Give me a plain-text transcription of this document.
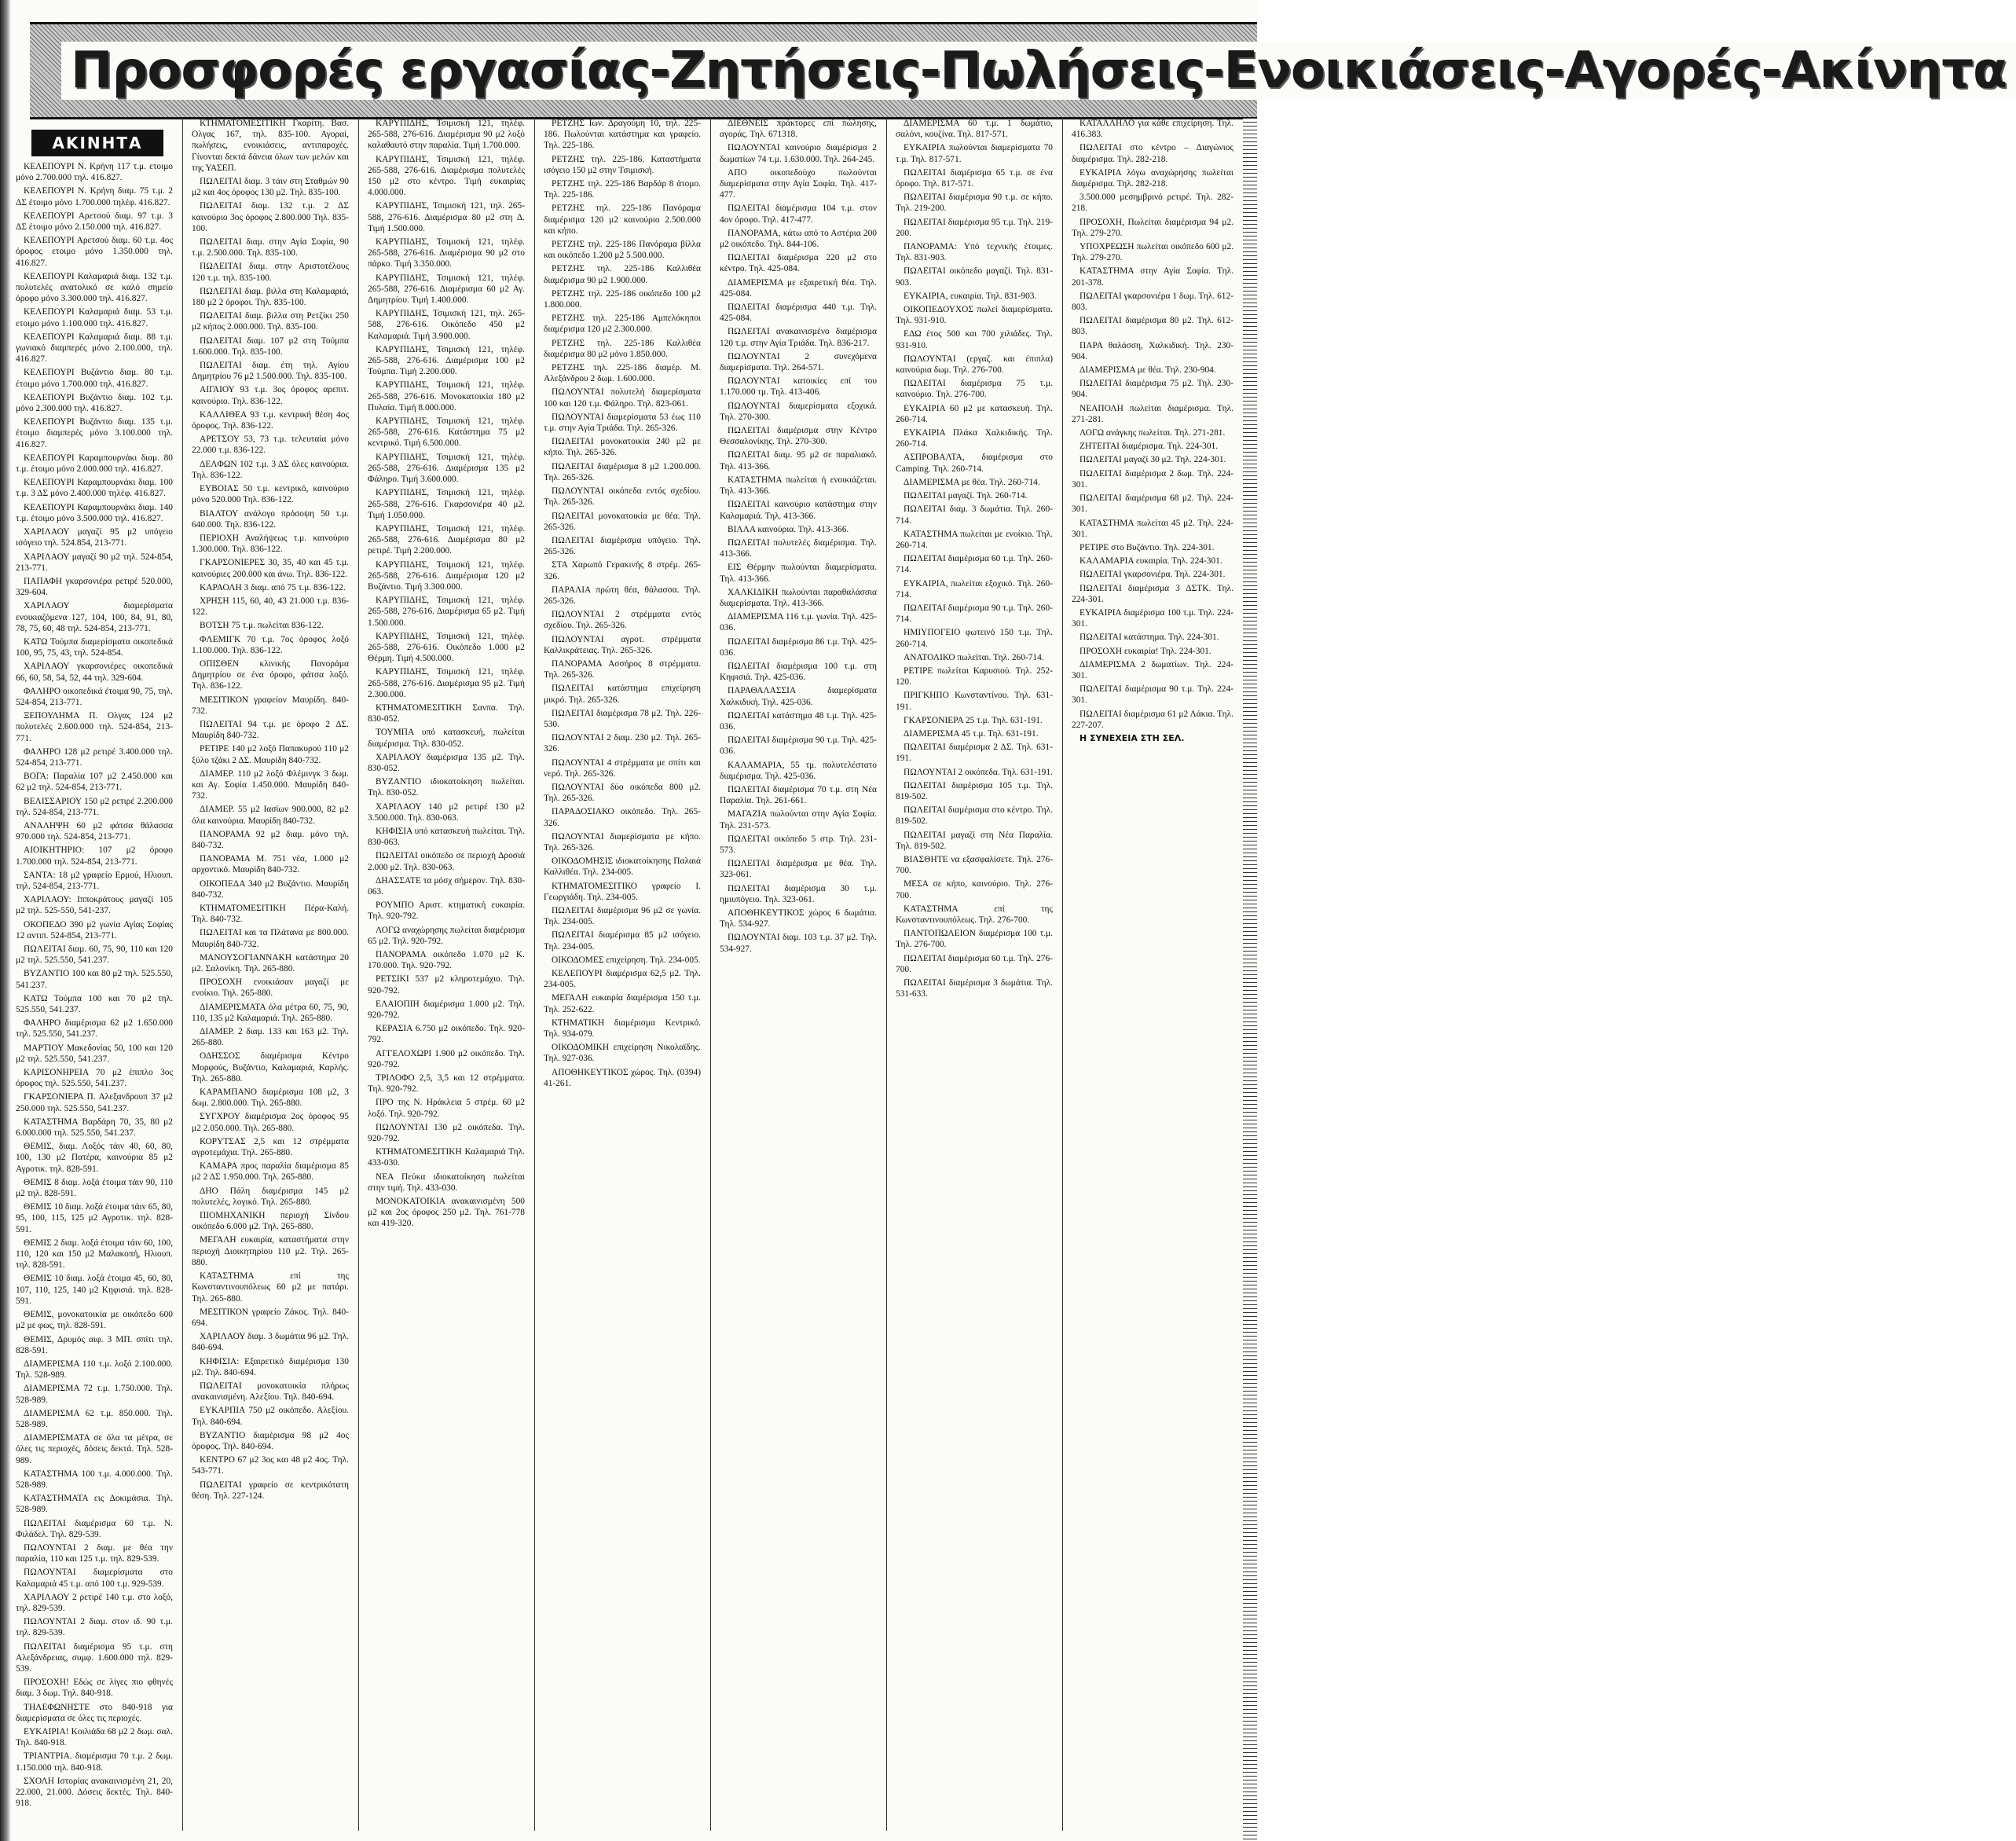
Προσφορές εργασίας-Ζητήσεις-Πωλήσεις-Ενοικιάσεις-Αγορές-Ακίνητα
ΑΚΙΝΗΤΑ

ΚΕΛΕΠΟΥΡΙ Ν. Κρήνη 117 τ.μ. ετοιμο μόνο 2.700.000 τηλ. 416.827.

ΚΕΛΕΠΟΥΡΙ Ν. Κρήνη διαμ. 75 τ.μ. 2 ΔΣ έτοιμο μόνο 1.700.000 τηλέφ. 416.827.

ΚΕΛΕΠΟΥΡΙ Αρετσού διαμ. 97 τ.μ. 3 ΔΣ έτοιμο μόνο 2.150.000 τηλ. 416.827.

ΚΕΛΕΠΟΥΡΙ Αρετσού διαμ. 60 τ.μ. 4ος όροφος ετοιμο μόνο 1.350.000 τηλ. 416.827.

ΚΕΛΕΠΟΥΡΙ Καλαμαριά διαμ. 132 τ.μ. πολυτελές ανατολικό σε καλό σημείο όροφο μόνο 3.300.000 τηλ. 416.827.

ΚΕΛΕΠΟΥΡΙ Καλαμαριά διαμ. 53 τ.μ. ετοιμο μόνο 1.100.000 τηλ. 416.827.

ΚΕΛΕΠΟΥΡΙ Καλαμαριά διαμ. 88 τ.μ. γωνιακό διαμπερές μόνο 2.100.000, τηλ. 416.827.

ΚΕΛΕΠΟΥΡΙ Βυζάντιο διαμ. 80 τ.μ. έτοιμο μόνο 1.700.000 τηλ. 416.827.

ΚΕΛΕΠΟΥΡΙ Βυζάντιο διαμ. 102 τ.μ. μόνο 2.300.000 τηλ. 416.827.

ΚΕΛΕΠΟΥΡΙ Βυζάντιο διαμ. 135 τ.μ. έτοιμο διαμπερές μόνο 3.100.000 τηλ. 416.827.

ΚΕΛΕΠΟΥΡΙ Καραμπουρνάκι διαμ. 80 τ.μ. έτοιμο μόνο 2.000.000 τηλ. 416.827.

ΚΕΛΕΠΟΥΡΙ Καραμπουρνάκι διαμ. 100 τ.μ. 3 ΔΣ μόνο 2.400.000 τηλέφ. 416.827.

ΚΕΛΕΠΟΥΡΙ Καραμπουρνάκι διαμ. 140 τ.μ. έτοιμο μόνο 3.500.000 τηλ. 416.827.

ΧΑΡΙΛΑΟΥ μαγαζί 95 μ2 υπόγειο ισόγειο τηλ. 524.854, 213-771.

ΧΑΡΙΛΑΟΥ μαγαζί 90 μ2 τηλ. 524-854, 213-771.

ΠΑΠΑΦΗ γκαρσονιέρα ρετιρέ 520.000, 329-604.

ΧΑΡΙΛΑΟΥ διαμερίσματα ενοικιαζόμενα 127, 104, 100, 84, 91, 80, 78, 75, 60, 48 τηλ. 524-854, 213-771.

ΚΑΤΩ Τούμπα διαμερίσματα οικοπεδικά 100, 95, 75, 43, τηλ. 524-854.

ΧΑΡΙΛΑΟΥ γκαρσονιέρες οικοπεδικά 66, 60, 58, 54, 52, 44 τηλ. 329-604.

ΦΑΛΗΡΟ οικοπεδικά έτοιμα 90, 75, τηλ. 524-854, 213-771.

ΞΕΠΟΥΛΗΜΑ Π. Ολγας 124 μ2 πολυτελές 2.600.000 τηλ. 524-854, 213-771.

ΦΑΛΗΡΟ 128 μ2 ρετιρέ 3.400.000 τηλ. 524-854, 213-771.

ΒΟΓΑ: Παραλία 107 μ2 2.450.000 και 62 μ2 τηλ. 524-854, 213-771.

ΒΕΛΙΣΣΑΡΙΟΥ 150 μ2 ρετιρέ 2.200.000 τηλ. 524-854, 213-771.

ΑΝΑΛΗΨΗ 60 μ2 φάτσα θάλασσα 970.000 τηλ. 524-854, 213-771.

ΑΙΟΙΚΗΤΗΡΙΟ: 107 μ2 όροφο 1.700.000 τηλ. 524-854, 213-771.

ΣΑΝΤΑ: 18 μ2 γραφείο Ερμού, Ηλιουπ. τηλ. 524-854, 213-771.

ΧΑΡΙΛΑΟΥ: Ιπποκράτους μαγαζί 105 μ2 τηλ. 525-550, 541-237.

ΟΚΟΠΕΔΟ 390 μ2 γωνία Αγίας Σοφίας 12 αντιπ. 524-854, 213-771.

ΠΩΛΕΙΤΑΙ διαμ. 60, 75, 90, 110 και 120 μ2 τηλ. 525.550, 541.237.

ΒΥΖΑΝΤΙΟ 100 και 80 μ2 τηλ. 525.550, 541.237.

ΚΑΤΩ Τούμπα 100 και 70 μ2 τηλ. 525.550, 541.237.

ΦΑΛΗΡΟ διαμέρισμα 62 μ2 1.650.000 τηλ. 525.550, 541.237.

ΜΑΡΤΙΟΥ Μακεδονίας 50, 100 και 120 μ2 τηλ. 525.550, 541.237.

ΚΑΡΙΣΟΝΗΡΕΙΑ 70 μ2 έπιπλο 3ος όροφος τηλ. 525.550, 541.237.

ΓΚΑΡΣΟΝΙΕΡΑ Π. Αλεξανδρουπ 37 μ2 250.000 τηλ. 525.550, 541.237.

ΚΑΤΑΣΤΗΜΑ Βαρδάρη 70, 35, 80 μ2 6.000.000 τηλ. 525.550, 541.237.

ΘΕΜΙΣ, διαμ. Λοξός τάιν 40, 60, 80, 100, 130 μ2 Πατέρα, καινούρια 85 μ2 Αγροτικ. τηλ. 828-591.

ΘΕΜΙΣ 8 διαμ. λοξά έτοιμα τάιν 90, 110 μ2 τηλ. 828-591.

ΘΕΜΙΣ 10 διαμ. λοξά έτοιμα τάιν 65, 80, 95, 100, 115, 125 μ2 Αγροτικ. τηλ. 828-591.

ΘΕΜΙΣ 2 διαμ. λοξά έτοιμα τάιν 60, 100, 110, 120 και 150 μ2 Μαλακοπή, Ηλιουπ. τηλ. 828-591.

ΘΕΜΙΣ 10 διαμ. λοξά έτοιμα 45, 60, 80, 107, 110, 125, 140 μ2 Κηφισιά. τηλ. 828-591.

ΘΕΜΙΣ, μονοκατοικία με οικόπεδο 600 μ2 με φως, τηλ. 828-591.

ΘΕΜΙΣ, Δρυμός αιφ. 3 ΜΠ. σπίτι τηλ. 828-591.

ΔΙΑΜΕΡΙΣΜΑ 110 τ.μ. λοξό 2.100.000. Τηλ. 528-989.

ΔΙΑΜΕΡΙΣΜΑ 72 τ.μ. 1.750.000. Τηλ. 528-989.

ΔΙΑΜΕΡΙΣΜΑ 62 τ.μ. 850.000. Τηλ. 528-989.

ΔΙΑΜΕΡΙΣΜΑΤΑ σε όλα τα μέτρα, σε όλες τις περιοχές, δόσεις δεκτά. Τηλ. 528-989.

ΚΑΤΑΣΤΗΜΑ 100 τ.μ. 4.000.000. Τηλ. 528-989.

ΚΑΤΑΣΤΗΜΑΤΑ εις Δοκιμάσια. Τηλ. 528-989.

ΠΩΛΕΙΤΑΙ διαμέρισμα 60 τ.μ. Ν. Φιλάδελ. Τηλ. 829-539.

ΠΩΛΟΥΝΤΑΙ 2 διαμ. με θέα την παραλία, 110 και 125 τ.μ. τηλ. 829-539.

ΠΩΛΟΥΝΤΑΙ διαμερίσματα στο Καλαμαριά 45 τ.μ. από 100 τ.μ. 929-539.

ΧΑΡΙΛΑΟΥ 2 ρετιρέ 140 τ.μ. στο λοξό, τηλ. 829-539.

ΠΩΛΟΥΝΤΑΙ 2 διαμ. στον ιδ. 90 τ.μ. τηλ. 829-539.

ΠΩΛΕΙΤΑΙ διαμέρισμα 95 τ.μ. στη Αλεξάνδρειας, συμφ. 1.600.000 τηλ. 829-539.

ΠΡΟΣΟΧΗ! Εδώς σε λίγες πιο φθηνές διαμ. 3 δωμ. Τηλ. 840-918.

ΤΗΛΕΦΩΝΗΣΤΕ στο 840-918 για διαμερίσματα σε όλες τις περιοχές.

ΕΥΚΑΙΡΙΑ! Κοιλιάδα 68 μ2 2 δωμ. σαλ. Τηλ. 840-918.

ΤΡΙΑΝΤΡΙΑ. διαμέρισμα 70 τ.μ. 2 δωμ. 1.150.000 τηλ. 840-918.

ΣΧΟΛΗ Ιστορίας ανακαινισμένη 21, 20, 22.000, 21.000. Δόσεις δεκτές. Τηλ. 840-918.

ΚΤΗΜΑΤΟΜΕΣΙΤΙΚΗ Γκαρίτη. Βασ. Ολγας 167, τηλ. 835-100. Αγοραί, πωλήσεις, ενοικιάσεις, αντιπαροχές. Γίνονται δεκτά δάνεια όλων των μελών και της ΥΑΣΕΠ.

ΠΩΛΕΙΤΑΙ διαμ. 3 τάιν στη Σταθμών 90 μ2 και 4ος όροφος 130 μ2. Τηλ. 835-100.

ΠΩΛΕΙΤΑΙ διαμ. 132 τ.μ. 2 ΔΣ καινούριο 3ος όροφος 2.800.000 Τηλ. 835-100.

ΠΩΛΕΙΤΑΙ διαμ. στην Αγία Σοφία, 90 τ.μ. 2.500.000. Τηλ. 835-100.

ΠΩΛΕΙΤΑΙ διαμ. στην Αριστοτέλους 120 τ.μ. τηλ. 835-100.

ΠΩΛΕΙΤΑΙ διαμ. βιλλα στη Καλαμαριά, 180 μ2 2 όροφοι. Τηλ. 835-100.

ΠΩΛΕΙΤΑΙ διαμ. βιλλα στη Ρετζίκι 250 μ2 κήπος 2.000.000. Τηλ. 835-100.

ΠΩΛΕΙΤΑΙ διαμ. 107 μ2 στη Τούμπα 1.600.000. Τηλ. 835-100.

ΠΩΛΕΙΤΑΙ διαμ. έτη τηλ. Αγίου Δημητρίου 76 μ2 1.500.000. Τηλ. 835-100.

ΑΙΓΑΙΟΥ 93 τ.μ. 3ος όροφος αρεπιτ. καινούριο. Τηλ. 836-122.

ΚΑΛΛΙΘΕΑ 93 τ.μ. κεντρική θέση 4ος όροφος. Τηλ. 836-122.

ΑΡΕΤΣΟΥ 53, 73 τ.μ. τελευταία μόνο 22.000 τ.μ. 836-122.

ΔΕΛΦΩΝ 102 τ.μ. 3 ΔΣ όλες καινούρια. Τηλ. 836-122.

ΕΥΒΟΙΑΣ 50 τ.μ. κεντρικό, καινούριο μόνο 520.000 Τηλ. 836-122.

ΒΙΑΛΤΟΥ ανάλογο πρόσοψη 50 τ.μ. 640.000. Τηλ. 836-122.

ΠΕΡΙΟΧΗ Αναλήψεως τ.μ. καινούριο 1.300.000. Τηλ. 836-122.

ΓΚΑΡΣΟΝΙΕΡΕΣ 30, 35, 40 και 45 τ.μ. καινούριες 200.000 και άνω. Τηλ. 836-122.

ΚΑΡΑΟΛΗ 3 διαμ. από 75 τ.μ. 836-122.

ΧΡΗΣΗ 115, 60, 40, 43 21.000 τ.μ. 836-122.

ΒΟΤΣΗ 75 τ.μ. πωλείται 836-122.

ΦΛΕΜΙΓΚ 70 τ.μ. 7ος όροφος λοξό 1.100.000. Τηλ. 836-122.

ΟΠΙΣΘΕΝ κλινικής Πανοράμα Δημητρίου σε ένα όροφο, φάτσα λοξό. Τηλ. 836-122.

ΜΕΣΙΤΙΚΟΝ γραφείον Μαυρίδη. 840-732.

ΠΩΛΕΙΤΑΙ 94 τ.μ. με όροφο 2 ΔΣ. Μαυρίδη 840-732.

ΡΕΤΙΡΕ 140 μ2 λοξό Παπακυρού 110 μ2 ξύλο τζάκι 2 ΔΣ. Μαυρίδη 840-732.

ΔΙΑΜΕΡ. 110 μ2 λοξό Φλέμινγκ 3 δωμ. και Αγ. Σοφία 1.450.000. Μαυρίδη 840-732.

ΔΙΑΜΕΡ. 55 μ2 Ιασίων 900.000, 82 μ2 όλα καινούρια. Μαυρίδη 840-732.

ΠΑΝΟΡΑΜΑ 92 μ2 διαμ. μόνο τηλ. 840-732.

ΠΑΝΟΡΑΜΑ Μ. 751 νέα, 1.000 μ2 αρχοντικό. Μαυρίδη 840-732.

ΟΙΚΟΠΕΔΑ 340 μ2 Βυζάντιο. Μαυρίδη 840-732.

ΚΤΗΜΑΤΟΜΕΣΙΤΙΚΗ Πέρα-Καλή. Τηλ. 840-732.

ΠΩΛΕΙΤΑΙ και τα Πλάτανα με 800.000. Μαυρίδη 840-732.

ΜΑΝΟΥΣΟΓΙΑΝΝΑΚΗ κατάστημα 20 μ2. Σαλονίκη. Τηλ. 265-880.

ΠΡΟΣΟΧΗ ενοικιάσαν μαγαζί με ενοίκιο. Τηλ. 265-880.

ΔΙΑΜΕΡΙΣΜΑΤΑ όλα μέτρα 60, 75, 90, 110, 135 μ2 Καλαμαριά. Τηλ. 265-880.

ΔΙΑΜΕΡ. 2 διαμ. 133 και 163 μ2. Τηλ. 265-880.

ΟΔΗΣΣΟΣ διαμέρισμα Κέντρο Μορφούς, Βυζάντιο, Καλαμαριά, Καρλής. Τηλ. 265-880.

ΚΑΡΑΜΠΑΝΟ διαμέρισμα 108 μ2, 3 δωμ. 2.800.000. Τηλ. 265-880.

ΣΥΓΧΡΟΥ διαμέρισμα 2ος όροφος 95 μ2 2.050.000. Τηλ. 265-880.

ΚΟΡΥΤΣΑΣ 2,5 και 12 στρέμματα αγροτεμάχια. Τηλ. 265-880.

ΚΑΜΑΡΑ προς παραλία διαμέρισμα 85 μ2 2 ΔΣ 1.950.000. Τηλ. 265-880.

ΔΗΟ Πάλη διαμέρισμα 145 μ2 πολυτελές, λογικό. Τηλ. 265-880.

ΠΙΟΜΗΧΑΝΙΚΗ περιοχή Σίνδου οικόπεδο 6.000 μ2. Τηλ. 265-880.

ΜΕΓΑΛΗ ευκαιρία, καταστήματα στην περιοχή Διοικητηρίου 110 μ2. Τηλ. 265-880.

ΚΑΤΑΣΤΗΜΑ επί της Κωνσταντινουπόλεως 60 μ2 με πατάρι. Τηλ. 265-880.

ΜΕΣΙΤΙΚΟΝ γραφείο Ζάκος. Τηλ. 840-694.

ΧΑΡΙΛΑΟΥ διαμ. 3 δωμάτια 96 μ2. Τηλ. 840-694.

ΚΗΦΙΣΙΑ: Εξαιρετικό διαμέρισμα 130 μ2. Τηλ. 840-694.

ΠΩΛΕΙΤΑΙ μονοκατοικία πλήρως ανακαινισμένη. Αλεξίου. Τηλ. 840-694.

ΕΥΚΑΡΠΙΑ 750 μ2 οικόπεδο. Αλεξίου. Τηλ. 840-694.

ΒΥΖΑΝΤΙΟ διαμέρισμα 98 μ2 4ος όροφος. Τηλ. 840-694.

ΚΕΝΤΡΟ 67 μ2 3ος και 48 μ2 4ος. Τηλ. 543-771.

ΠΩΛΕΙΤΑΙ γραφείο σε κεντρικότατη θέση. Τηλ. 227-124.

ΚΑΡΥΠΙΔΗΣ, Τσιμισκή 121, τηλέφ. 265-588, 276-616. Διαμέρισμα 90 μ2 λοξό καλαθαυτό στην παραλία. Τιμή 1.700.000.

ΚΑΡΥΠΙΔΗΣ, Τσιμισκή 121, τηλέφ. 265-588, 276-616. Διαμέρισμα πολυτελές 150 μ2 στο κέντρο. Τιμή ευκαιρίας 4.000.000.

ΚΑΡΥΠΙΔΗΣ, Τσιμισκή 121, τηλ. 265-588, 276-616. Διαμέρισμα 80 μ2 στη Δ. Τιμή 1.500.000.

ΚΑΡΥΠΙΔΗΣ, Τσιμισκή 121, τηλέφ. 265-588, 276-616. Διαμέρισμα 90 μ2 στο πάρκο. Τιμή 3.350.000.

ΚΑΡΥΠΙΔΗΣ, Τσιμισκή 121, τηλέφ. 265-588, 276-616. Διαμέρισμα 60 μ2 Αγ. Δημητρίου. Τιμή 1.400.000.

ΚΑΡΥΠΙΔΗΣ, Τσιμισκή 121, τηλ. 265-588, 276-616. Οικόπεδο 450 μ2 Καλαμαριά. Τιμή 3.900.000.

ΚΑΡΥΠΙΔΗΣ, Τσιμισκή 121, τηλέφ. 265-588, 276-616. Διαμέρισμα 100 μ2 Τούμπα. Τιμή 2.200.000.

ΚΑΡΥΠΙΔΗΣ, Τσιμισκή 121, τηλέφ. 265-588, 276-616. Μονοκατοικία 180 μ2 Πυλαία. Τιμή 8.000.000.

ΚΑΡΥΠΙΔΗΣ, Τσιμισκή 121, τηλέφ. 265-588, 276-616. Κατάστημα 75 μ2 κεντρικό. Τιμή 6.500.000.

ΚΑΡΥΠΙΔΗΣ, Τσιμισκή 121, τηλέφ. 265-588, 276-616. Διαμέρισμα 135 μ2 Φάληρο. Τιμή 3.600.000.

ΚΑΡΥΠΙΔΗΣ, Τσιμισκή 121, τηλέφ. 265-588, 276-616. Γκαρσονιέρα 40 μ2. Τιμή 1.050.000.

ΚΑΡΥΠΙΔΗΣ, Τσιμισκή 121, τηλέφ. 265-588, 276-616. Διαμέρισμα 80 μ2 ρετιρέ. Τιμή 2.200.000.

ΚΑΡΥΠΙΔΗΣ, Τσιμισκή 121, τηλέφ. 265-588, 276-616. Διαμέρισμα 120 μ2 Βυζάντιο. Τιμή 3.300.000.

ΚΑΡΥΠΙΔΗΣ, Τσιμισκή 121, τηλέφ. 265-588, 276-616. Διαμέρισμα 65 μ2. Τιμή 1.500.000.

ΚΑΡΥΠΙΔΗΣ, Τσιμισκή 121, τηλέφ. 265-588, 276-616. Οικόπεδο 1.000 μ2 Θέρμη. Τιμή 4.500.000.

ΚΑΡΥΠΙΔΗΣ, Τσιμισκή 121, τηλέφ. 265-588, 276-616. Διαμέρισμα 95 μ2. Τιμή 2.300.000.

ΚΤΗΜΑΤΟΜΕΣΙΤΙΚΗ Σανπα. Τηλ. 830-052.

ΤΟΥΜΠΑ υπό κατασκευή, πωλείται διαμέρισμα. Τηλ. 830-052.

ΧΑΡΙΛΑΟΥ διαμέρισμα 135 μ2. Τηλ. 830-052.

ΒΥΖΑΝΤΙΟ ιδιοκατοίκηση πωλείται. Τηλ. 830-052.

ΧΑΡΙΛΑΟΥ 140 μ2 ρετιρέ 130 μ2 3.500.000. Τηλ. 830-063.

ΚΗΦΙΣΙΑ υπό κατασκευή πωλείται. Τηλ. 830-063.

ΠΩΛΕΙΤΑΙ οικόπεδο σε περιοχή Δροσιά 2.000 μ2. Τηλ. 830-063.

ΔΗΑΣΣΑΤΕ τα μόσχ σήμερον. Τηλ. 830-063.

ΡΟΥΜΠΟ Αριστ. κτηματική ευκαιρία. Τηλ. 920-792.

ΛΟΓΩ αναχώρησης πωλείται διαμέρισμα 65 μ2. Τηλ. 920-792.

ΠΑΝΟΡΑΜΑ οικόπεδο 1.070 μ2 Κ. 170.000. Τηλ. 920-792.

ΡΕΤΣΙΚΙ 537 μ2 κληροτεμάχιο. Τηλ. 920-792.

ΕΛΑΙΟΠΙΗ διαμέρισμα 1.000 μ2. Τηλ. 920-792.

ΚΕΡΑΣΙΑ 6.750 μ2 οικόπεδο. Τηλ. 920-792.

ΑΓΓΕΛΟΧΩΡΙ 1.900 μ2 οικόπεδο. Τηλ. 920-792.

ΤΡΙΛΟΦΟ 2,5, 3,5 και 12 στρέμματα. Τηλ. 920-792.

ΠΡΟ της Ν. Ηράκλεια 5 στρέμ. 60 μ2 λοξό. Τηλ. 920-792.

ΠΩΛΟΥΝΤΑΙ 130 μ2 οικόπεδα. Τηλ. 920-792.

ΚΤΗΜΑΤΟΜΕΣΙΤΙΚΗ Καλαμαριά Τηλ. 433-030.

ΝΕΑ Πεύκα ιδιοκατοίκηση πωλείται στην τιμή. Τηλ. 433-030.

ΜΟΝΟΚΑΤΟΙΚΙΑ ανακαινισμένη 500 μ2 και 2ος όροφος 250 μ2. Τηλ. 761-778 και 419-320.

ΡΕΤΖΗΣ Ιων. Δραγούμη 10, τηλ. 225-186. Πωλούνται κατάστημα και γραφείο. Τηλ. 225-186.

ΡΕΤΖΗΣ τηλ. 225-186. Καταστήματα ισόγειο 150 μ2 στην Τσιμισκή.

ΡΕΤΖΗΣ τηλ. 225-186 Βαρδάρ 8 άτομο. Τηλ. 225-186.

ΡΕΤΖΗΣ τηλ. 225-186 Πανόραμα διαμέρισμα 120 μ2 καινούριο 2.500.000 και κήπο.

ΡΕΤΖΗΣ τηλ. 225-186 Πανόραμα βίλλα και οικόπεδο 1.200 μ2 5.500.000.

ΡΕΤΖΗΣ τηλ. 225-186 Καλλιθέα διαμέρισμα 90 μ2 1.900.000.

ΡΕΤΖΗΣ τηλ. 225-186 οικόπεδο 100 μ2 1.800.000.

ΡΕΤΖΗΣ τηλ. 225-186 Αμπελόκηποι διαμέρισμα 120 μ2 2.300.000.

ΡΕΤΖΗΣ τηλ. 225-186 Καλλιθέα διαμέρισμα 80 μ2 μόνο 1.850.000.

ΡΕΤΖΗΣ τηλ. 225-186 διαμέρ. Μ. Αλεξάνδρου 2 δωμ. 1.600.000.

ΠΩΛΟΥΝΤΑΙ πολυτελή διαμερίσματα 100 και 120 τ.μ. Φάληρο. Τηλ. 823-061.

ΠΩΛΟΥΝΤΑΙ διαμερίσματα 53 έως 110 τ.μ. στην Αγία Τριάδα. Τηλ. 265-326.

ΠΩΛΕΙΤΑΙ μονοκατοικία 240 μ2 με κήπο. Τηλ. 265-326.

ΠΩΛΕΙΤΑΙ διαμέρισμα 8 μ2 1.200.000. Τηλ. 265-326.

ΠΩΛΟΥΝΤΑΙ οικόπεδα εντός σχεδίου. Τηλ. 265-326.

ΠΩΛΕΙΤΑΙ μονοκατοικία με θέα. Τηλ. 265-326.

ΠΩΛΕΙΤΑΙ διαμέρισμα υπόγειο. Τηλ. 265-326.

ΣΤΑ Χαρωπό Γερακινής 8 στρέμ. 265-326.

ΠΑΡΑΛΙΑ πρώτη θέα, θάλασσα. Τηλ. 265-326.

ΠΩΛΟΥΝΤΑΙ 2 στρέμματα εντός σχεδίου. Τηλ. 265-326.

ΠΩΛΟΥΝΤΑΙ αγροτ. στρέμματα Καλλικράτειας. Τηλ. 265-326.

ΠΑΝΟΡΑΜΑ Ασσήρος 8 στρέμματα. Τηλ. 265-326.

ΠΩΛΕΙΤΑΙ κατάστημα επιχείρηση μικρό. Τηλ. 265-326.

ΠΩΛΕΙΤΑΙ διαμέρισμα 78 μ2. Τηλ. 226-530.

ΠΩΛΟΥΝΤΑΙ 2 διαμ. 230 μ2. Τηλ. 265-326.

ΠΩΛΟΥΝΤΑΙ 4 στρέμματα με σπίτι και νερό. Τηλ. 265-326.

ΠΩΛΟΥΝΤΑΙ δύο οικόπεδα 800 μ2. Τηλ. 265-326.

ΠΑΡΑΔΟΣΙΑΚΟ οικόπεδο. Τηλ. 265-326.

ΠΩΛΟΥΝΤΑΙ διαμερίσματα με κήπο. Τηλ. 265-326.

ΟΙΚΟΔΟΜΗΣΙΣ ιδιοκατοίκησης Παλαιά Καλλιθέα. Τηλ. 234-005.

ΚΤΗΜΑΤΟΜΕΣΙΤΙΚΟ γραφείο Ι. Γεωργιάδη. Τηλ. 234-005.

ΠΩΛΕΙΤΑΙ διαμέρισμα 96 μ2 σε γωνία. Τηλ. 234-005.

ΠΩΛΕΙΤΑΙ διαμέρισμα 85 μ2 ισόγειο. Τηλ. 234-005.

ΟΙΚΟΔΟΜΕΣ επιχείρηση. Τηλ. 234-005.

ΚΕΛΕΠΟΥΡΙ διαμέρισμα 62,5 μ2. Τηλ. 234-005.

ΜΕΓΑΛΗ ευκαιρία διαμέρισμα 150 τ.μ. Τηλ. 252-622.

ΚΤΗΜΑΤΙΚΗ διαμέρισμα Κεντρικό. Τηλ. 934-079.

ΟΙΚΟΔΟΜΙΚΗ επιχείρηση Νικολαϊδης. Τηλ. 927-036.

ΑΠΟΘΗΚΕΥΤΙΚΟΣ χώρος. Τηλ. (0394) 41-261.

ΔΙΕΘΝΕΙΣ πράκτορες επί πώλησης, αγοράς. Τηλ. 671318.

ΠΩΛΟΥΝΤΑΙ καινούριο διαμέρισμα 2 δωματίων 74 τ.μ. 1.630.000. Τηλ. 264-245.

ΑΠΟ οικοπεδούχο πωλούνται διαμερίσματα στην Αγία Σοφία. Τηλ. 417-477.

ΠΩΛΕΙΤΑΙ διαμέρισμα 104 τ.μ. στον 4ον όροφο. Τηλ. 417-477.

ΠΑΝΟΡΑΜΑ, κάτω από το Αστέρια 200 μ2 οικόπεδο. Τηλ. 844-106.

ΠΩΛΕΙΤΑΙ διαμέρισμα 220 μ2 στο κέντρο. Τηλ. 425-084.

ΔΙΑΜΕΡΙΣΜΑ με εξαιρετική θέα. Τηλ. 425-084.

ΠΩΛΕΙΤΑΙ διαμέρισμα 440 τ.μ. Τηλ. 425-084.

ΠΩΛΕΙΤΑΙ ανακαινισμένο διαμέρισμα 120 τ.μ. στην Αγία Τριάδα. Τηλ. 836-217.

ΠΩΛΟΥΝΤΑΙ 2 συνεχόμενα διαμερίσματα. Τηλ. 264-571.

ΠΩΛΟΥΝΤΑΙ κατοικίες επί του 1.170.000 τμ. Τηλ. 413-406.

ΠΩΛΟΥΝΤΑΙ διαμερίσματα εξοχικά. Τηλ. 270-300.

ΠΩΛΕΙΤΑΙ διαμέρισμα στην Κέντρο Θεσσαλονίκης. Τηλ. 270-300.

ΠΩΛΕΙΤΑΙ διαμ. 95 μ2 σε παραλιακό. Τηλ. 413-366.

ΚΑΤΑΣΤΗΜΑ πωλείται ή ενοικιάζεται. Τηλ. 413-366.

ΠΩΛΕΙΤΑΙ καινούριο κατάστημα στην Καλαμαριά. Τηλ. 413-366.

ΒΙΛΛΑ καινούρια. Τηλ. 413-366.

ΠΩΛΕΙΤΑΙ πολυτελές διαμέρισμα. Τηλ. 413-366.

ΕΙΣ Θέρμην πωλούνται διαμερίσματα. Τηλ. 413-366.

ΧΑΛΚΙΔΙΚΗ πωλούνται παραθαλάσσια διαμερίσματα. Τηλ. 413-366.

ΔΙΑΜΕΡΙΣΜΑ 116 τ.μ. γωνία. Τηλ. 425-036.

ΠΩΛΕΙΤΑΙ διαμέρισμα 86 τ.μ. Τηλ. 425-036.

ΠΩΛΕΙΤΑΙ διαμέρισμα 100 τ.μ. στη Κηφισιά. Τηλ. 425-036.

ΠΑΡΑΘΑΛΑΣΣΙΑ διαμερίσματα Χαλκιδική. Τηλ. 425-036.

ΠΩΛΕΙΤΑΙ κατάστημα 48 τ.μ. Τηλ. 425-036.

ΠΩΛΕΙΤΑΙ διαμέρισμα 90 τ.μ. Τηλ. 425-036.

ΚΑΛΑΜΑΡΙΑ, 55 τμ. πολυτελέστατο διαμέρισμα. Τηλ. 425-036.

ΠΩΛΕΙΤΑΙ διαμέρισμα 70 τ.μ. στη Νέα Παραλία. Τηλ. 261-661.

ΜΑΓΑΖΙΑ πωλούνται στην Αγία Σοφία. Τηλ. 231-573.

ΠΩΛΕΙΤΑΙ οικόπεδο 5 στρ. Τηλ. 231-573.

ΠΩΛΕΙΤΑΙ διαμέρισμα με θέα. Τηλ. 323-061.

ΠΩΛΕΙΤΑΙ διαμέρισμα 30 τ.μ. ημιυπόγειο. Τηλ. 323-061.

ΑΠΟΘΗΚΕΥΤΙΚΟΣ χώρος 6 δωμάτια. Τηλ. 534-927.

ΠΩΛΟΥΝΤΑΙ διαμ. 103 τ.μ. 37 μ2. Τηλ. 534-927.

ΔΙΑΜΕΡΙΣΜΑ 60 τ.μ. 1 δωμάτιο, σαλόνι, κουζίνα. Τηλ. 817-571.

ΕΥΚΑΙΡΙΑ πωλούνται διαμερίσματα 70 τ.μ. Τηλ. 817-571.

ΠΩΛΕΙΤΑΙ διαμέρισμα 65 τ.μ. σε ένα όροφο. Τηλ. 817-571.

ΠΩΛΕΙΤΑΙ διαμέρισμα 90 τ.μ. σε κήπο. Τηλ. 219-200.

ΠΩΛΕΙΤΑΙ διαμέρισμα 95 τ.μ. Τηλ. 219-200.

ΠΑΝΟΡΑΜΑ: Υπό τεχνικής έτοιμες. Τηλ. 831-903.

ΠΩΛΕΙΤΑΙ οικόπεδο μαγαζί. Τηλ. 831-903.

ΕΥΚΑΙΡΙΑ, ευκαιρία. Τηλ. 831-903.

ΟΙΚΟΠΕΔΟΥΧΟΣ πωλεί διαμερίσματα. Τηλ. 931-910.

ΕΔΩ έτος 500 και 700 χιλιάδες. Τηλ. 931-910.

ΠΩΛΟΥΝΤΑΙ (εργαζ. και έπιπλα) καινούρια δωμ. Τηλ. 276-700.

ΠΩΛΕΙΤΑΙ διαμέρισμα 75 τ.μ. καινούριο. Τηλ. 276-700.

ΕΥΚΑΙΡΙΑ 60 μ2 με κατασκευή. Τηλ. 260-714.

ΕΥΚΑΙΡΙΑ Πλάκα Χαλκιδικής. Τηλ. 260-714.

ΑΣΠΡΟΒΑΛΤΑ, διαμέρισμα στο Camping. Τηλ. 260-714.

ΔΙΑΜΕΡΙΣΜΑ με θέα. Τηλ. 260-714.

ΠΩΛΕΙΤΑΙ μαγαζί. Τηλ. 260-714.

ΠΩΛΕΙΤΑΙ διαμ. 3 δωμάτια. Τηλ. 260-714.

ΚΑΤΑΣΤΗΜΑ πωλείται με ενοίκιο. Τηλ. 260-714.

ΠΩΛΕΙΤΑΙ διαμέρισμα 60 τ.μ. Τηλ. 260-714.

ΕΥΚΑΙΡΙΑ, πωλείται εξοχικό. Τηλ. 260-714.

ΠΩΛΕΙΤΑΙ διαμέρισμα 90 τ.μ. Τηλ. 260-714.

ΗΜΙΥΠΟΓΕΙΟ φωτεινό 150 τ.μ. Τηλ. 260-714.

ΑΝΑΤΟΛΙΚΟ πωλείται. Τηλ. 260-714.

ΡΕΤΙΡΕ πωλείται Καρυσιού. Τηλ. 252-120.

ΠΡΙΓΚΗΠΟ Κωνσταντίνου. Τηλ. 631-191.

ΓΚΑΡΣΟΝΙΕΡΑ 25 τ.μ. Τηλ. 631-191.

ΔΙΑΜΕΡΙΣΜΑ 45 τ.μ. Τηλ. 631-191.

ΠΩΛΕΙΤΑΙ διαμέρισμα 2 ΔΣ. Τηλ. 631-191.

ΠΩΛΟΥΝΤΑΙ 2 οικόπεδα. Τηλ. 631-191.

ΠΩΛΕΙΤΑΙ διαμέρισμα 105 τ.μ. Τηλ. 819-502.

ΠΩΛΕΙΤΑΙ διαμέρισμα στο κέντρο. Τηλ. 819-502.

ΠΩΛΕΙΤΑΙ μαγαζί στη Νέα Παραλία. Τηλ. 819-502.

ΒΙΑΣΘΗΤΕ να εξασφαλίσετε. Τηλ. 276-700.

ΜΕΣΑ σε κήπο, καινούριο. Τηλ. 276-700.

ΚΑΤΑΣΤΗΜΑ επί της Κωνσταντινουπόλεως. Τηλ. 276-700.

ΠΑΝΤΟΠΩΛΕΙΟΝ διαμέρισμα 100 τ.μ. Τηλ. 276-700.

ΠΩΛΕΙΤΑΙ διαμέρισμα 60 τ.μ. Τηλ. 276-700.

ΠΩΛΕΙΤΑΙ διαμέρισμα 3 δωμάτια. Τηλ. 531-633.

ΚΑΤΑΛΛΗΛΟ για κάθε επιχείρηση. Τηλ. 416.383.

ΠΩΛΕΙΤΑΙ στο κέντρο – Διαγώνιος διαμέρισμα. Τηλ. 282-218.

ΕΥΚΑΙΡΙΑ λόγω αναχώρησης πωλείται διαμέρισμα. Τηλ. 282-218.

3.500.000 μεσημβρινό ρετιρέ. Τηλ. 282-218.

ΠΡΟΣΟΧΗ, Πωλείται διαμέρισμα 94 μ2. Τηλ. 279-270.

ΥΠΟΧΡΕΩΣΗ πωλείται οικόπεδο 600 μ2. Τηλ. 279-270.

ΚΑΤΑΣΤΗΜΑ στην Αγία Σοφία. Τηλ. 201-378.

ΠΩΛΕΙΤΑΙ γκαρσονιέρα 1 δωμ. Τηλ. 612-803.

ΠΩΛΕΙΤΑΙ διαμέρισμα 80 μ2. Τηλ. 612-803.

ΠΑΡΑ θαλάσση, Χαλκιδική. Τηλ. 230-904.

ΔΙΑΜΕΡΙΣΜΑ με θέα. Τηλ. 230-904.

ΠΩΛΕΙΤΑΙ διαμέρισμα 75 μ2. Τηλ. 230-904.

ΝΕΑΠΟΛΗ πωλείται διαμέρισμα. Τηλ. 271-281.

ΛΟΓΩ ανάγκης πωλείται. Τηλ. 271-281.

ΖΗΤΕΙΤΑΙ διαμέρισμα. Τηλ. 224-301.

ΠΩΛΕΙΤΑΙ μαγαζί 30 μ2. Τηλ. 224-301.

ΠΩΛΕΙΤΑΙ διαμέρισμα 2 δωμ. Τηλ. 224-301.

ΠΩΛΕΙΤΑΙ διαμέρισμα 68 μ2. Τηλ. 224-301.

ΚΑΤΑΣΤΗΜΑ πωλείται 45 μ2. Τηλ. 224-301.

ΡΕΤΙΡΕ στο Βυζάντιο. Τηλ. 224-301.

ΚΑΛΑΜΑΡΙΑ ευκαιρία. Τηλ. 224-301.

ΠΩΛΕΙΤΑΙ γκαρσονιέρα. Τηλ. 224-301.

ΠΩΛΕΙΤΑΙ διαμέρισμα 3 ΔΣΤΚ. Τηλ. 224-301.

ΕΥΚΑΙΡΙΑ διαμέρισμα 100 τ.μ. Τηλ. 224-301.

ΠΩΛΕΙΤΑΙ κατάστημα. Τηλ. 224-301.

ΠΡΟΣΟΧΗ ευκαιρία! Τηλ. 224-301.

ΔΙΑΜΕΡΙΣΜΑ 2 δωματίων. Τηλ. 224-301.

ΠΩΛΕΙΤΑΙ διαμέρισμα 90 τ.μ. Τηλ. 224-301.

ΠΩΛΕΙΤΑΙ διαμέρισμα 61 μ2 Λάκια. Τηλ. 227-207.

Η ΣΥΝΕΧΕΙΑ ΣΤΗ ΣΕΛ.
